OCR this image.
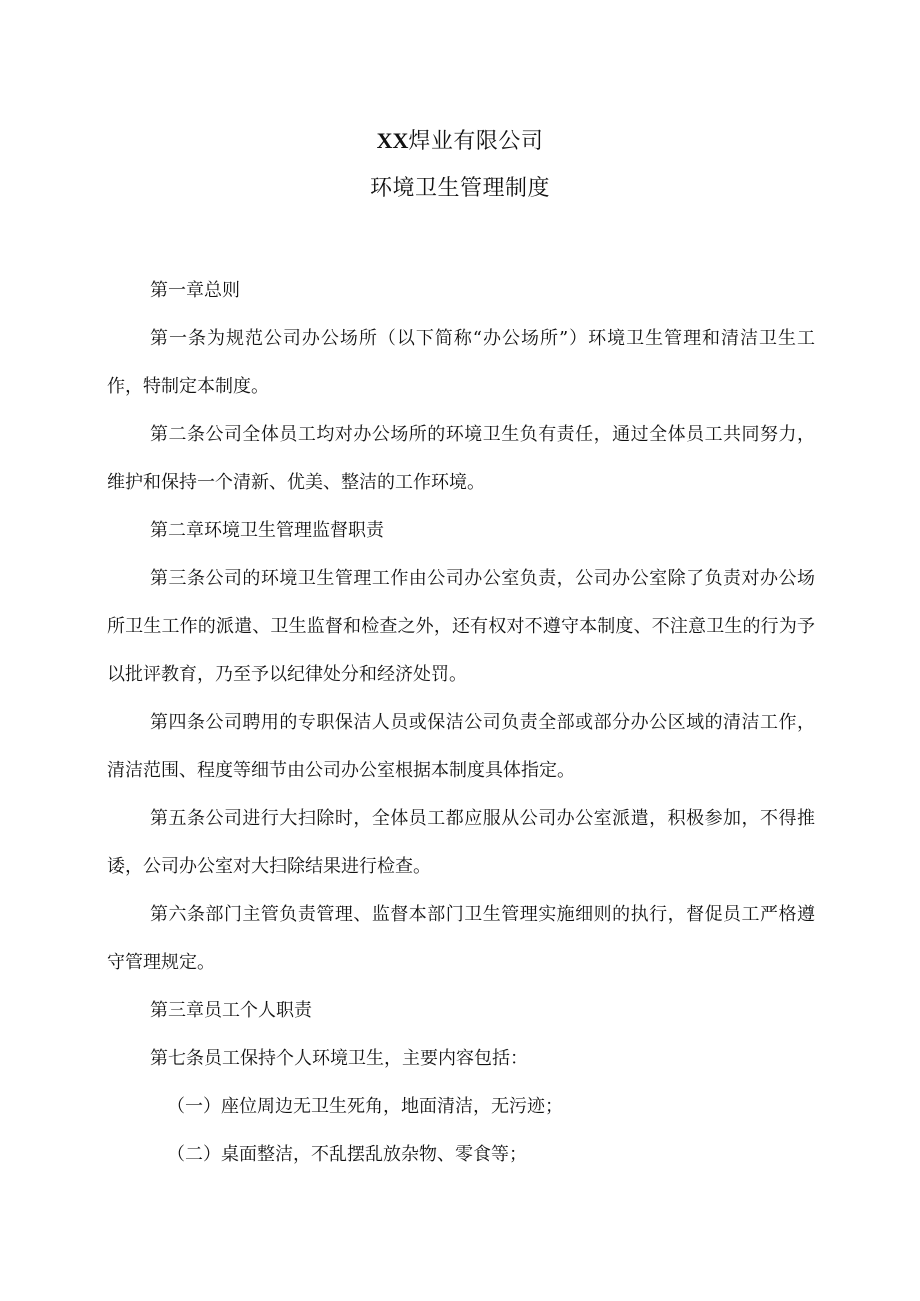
XX焊业有限公司
环境卫生管理制度

第一章总则

第一条为规范公司办公场所（以下简称“办公场所”）环境卫生管理和清洁卫生工作，特制定本制度。

第二条公司全体员工均对办公场所的环境卫生负有责任，通过全体员工共同努力，维护和保持一个清新、优美、整洁的工作环境。

第二章环境卫生管理监督职责

第三条公司的环境卫生管理工作由公司办公室负责，公司办公室除了负责对办公场所卫生工作的派遣、卫生监督和检查之外，还有权对不遵守本制度、不注意卫生的行为予以批评教育，乃至予以纪律处分和经济处罚。

第四条公司聘用的专职保洁人员或保洁公司负责全部或部分办公区域的清洁工作，清洁范围、程度等细节由公司办公室根据本制度具体指定。

第五条公司进行大扫除时，全体员工都应服从公司办公室派遣，积极参加，不得推诿，公司办公室对大扫除结果进行检查。

第六条部门主管负责管理、监督本部门卫生管理实施细则的执行，督促员工严格遵守管理规定。

第三章员工个人职责

第七条员工保持个人环境卫生，主要内容包括：

（一）座位周边无卫生死角，地面清洁，无污迹；

（二）桌面整洁，不乱摆乱放杂物、零食等；
